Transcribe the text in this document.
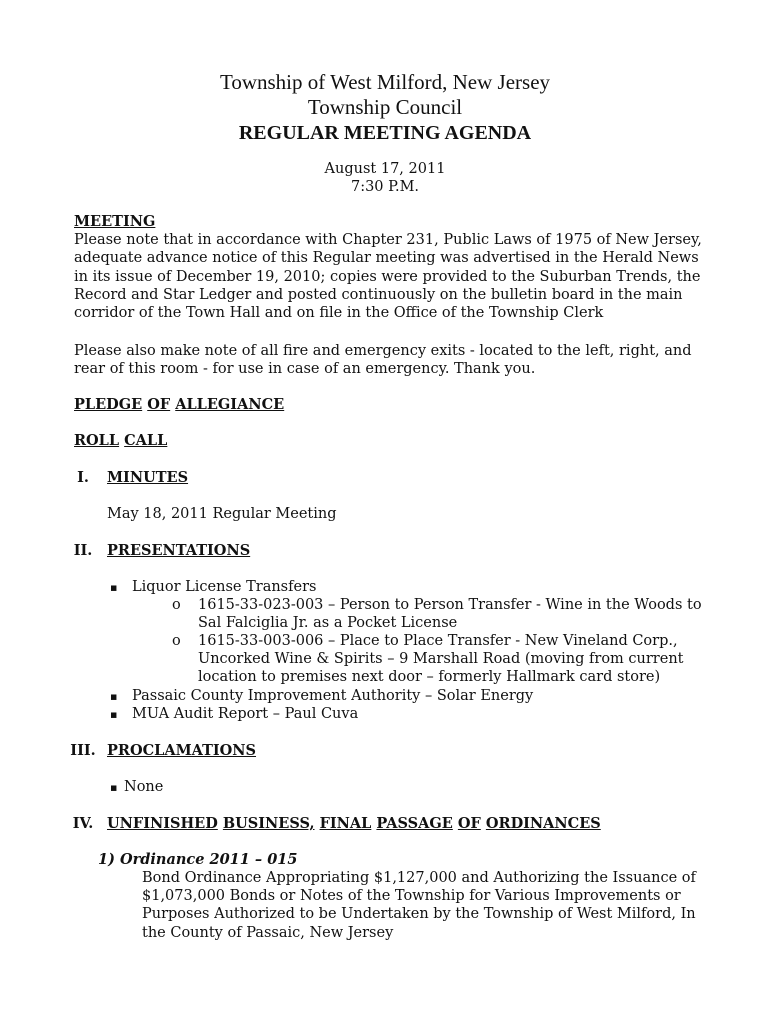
Township of West Milford, New Jersey
Township Council
REGULAR MEETING AGENDA
August 17, 2011
7:30 P.M.
MEETING
Please note that in accordance with Chapter 231, Public Laws of 1975 of New Jersey, adequate advance notice of this Regular meeting was advertised in the Herald News in its issue of December 19, 2010; copies were provided to the Suburban Trends, the Record and Star Ledger and posted continuously on the bulletin board in the main corridor of the Town Hall and on file in the Office of the Township Clerk
Please also make note of all fire and emergency exits - located to the left, right, and rear of this room - for use in case of an emergency. Thank you.
PLEDGE OF ALLEGIANCE
ROLL CALL
I.	MINUTES
May 18, 2011 Regular Meeting
II.	PRESENTATIONS
▪ Liquor License Transfers
o	1615-33-023-003 – Person to Person Transfer - Wine in the Woods to Sal Falciglia Jr. as a Pocket License
o	1615-33-003-006 – Place to Place Transfer - New Vineland Corp., Uncorked Wine & Spirits – 9 Marshall Road (moving from current location to premises next door – formerly Hallmark card store)
▪ Passaic County Improvement Authority – Solar Energy
▪ MUA Audit Report – Paul Cuva
III. PROCLAMATIONS
▪ None
IV. UNFINISHED BUSINESS, FINAL PASSAGE OF ORDINANCES
1) Ordinance 2011 – 015
Bond Ordinance Appropriating $1,127,000 and Authorizing the Issuance of $1,073,000 Bonds or Notes of the Township for Various Improvements or Purposes Authorized to be Undertaken by the Township of West Milford, In the County of Passaic, New Jersey
